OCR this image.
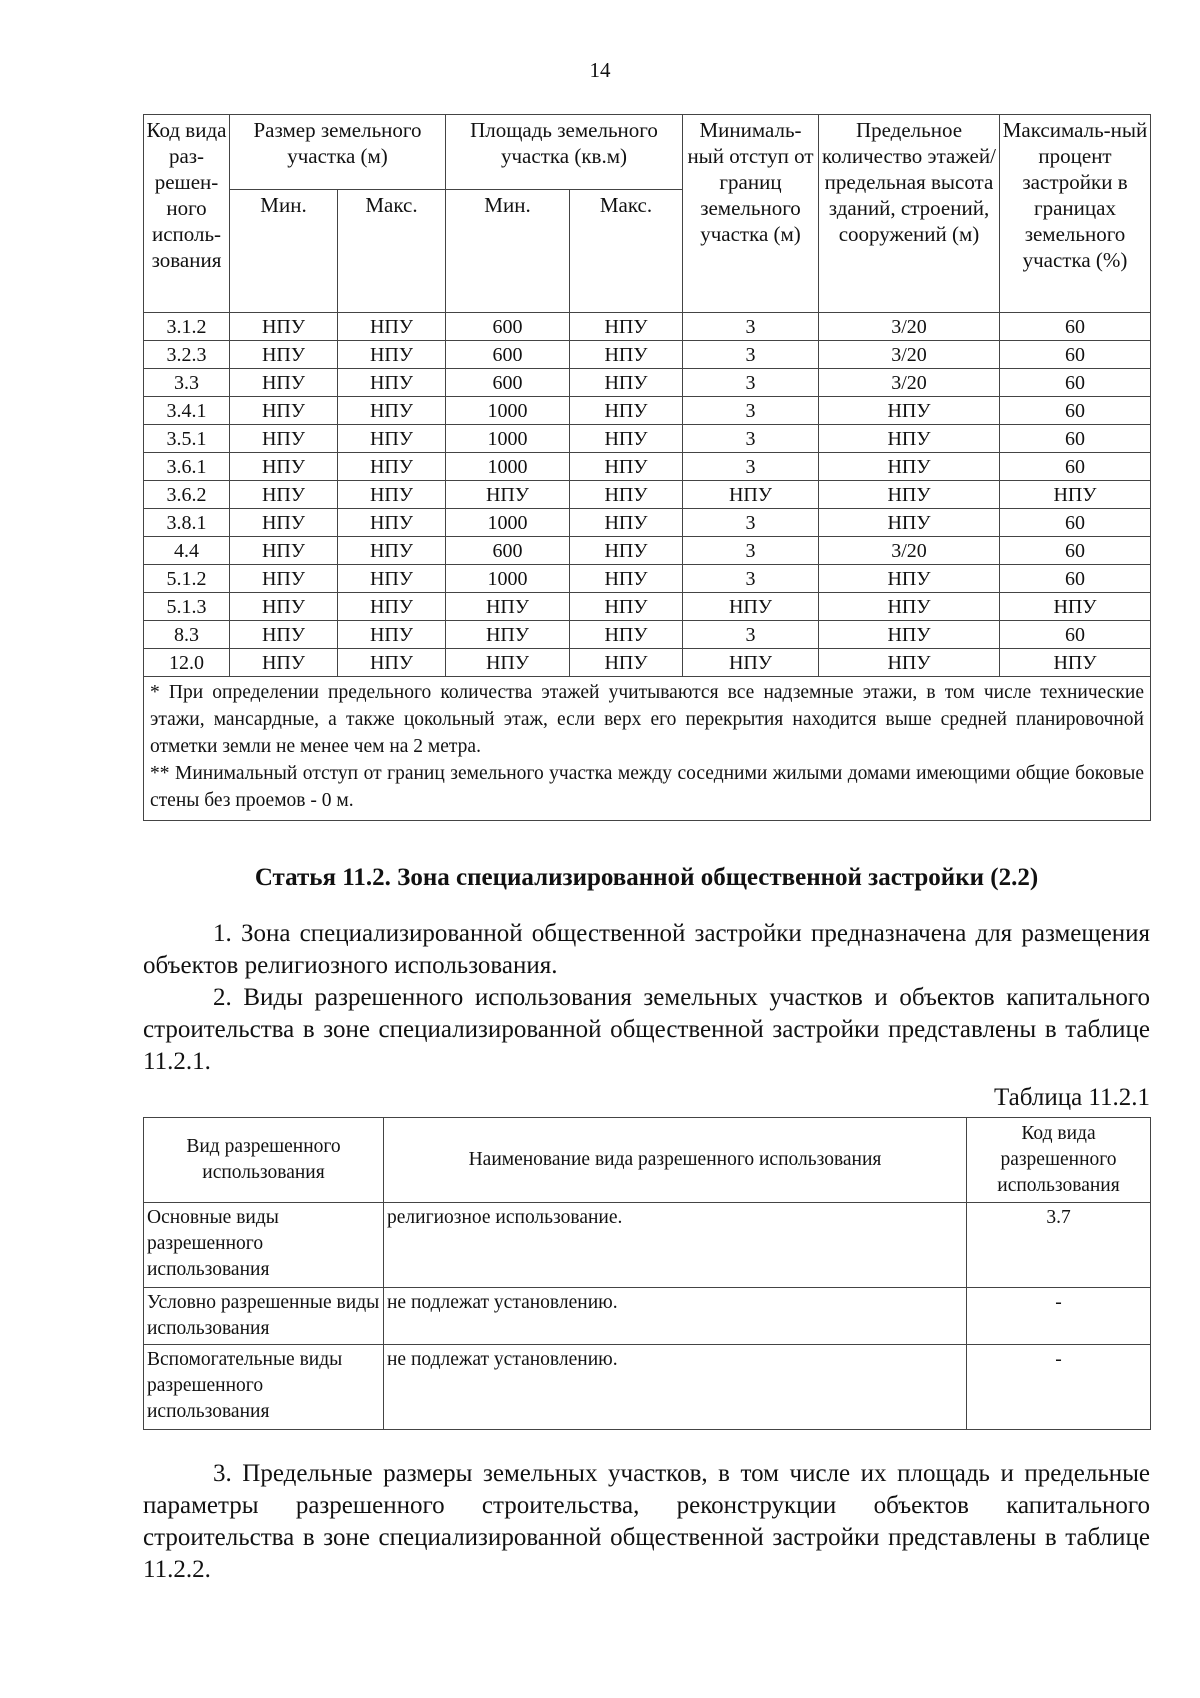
14
Код вида раз-решен-ного исполь-зования	Размер земельного участка (м)		Площадь земельного участка (кв.м)		Минималь-ный отступ от границ земельного участка (м)	Предельное количество этажей/ предельная высота зданий, строений, сооружений (м)	Максималь-ный процент застройки в границах земельного участка (%)
	Мин.	Макс.	Мин.	Макс.			
3.1.2	НПУ	НПУ	600	НПУ	3	3/20	60
3.2.3	НПУ	НПУ	600	НПУ	3	3/20	60
3.3	НПУ	НПУ	600	НПУ	3	3/20	60
3.4.1	НПУ	НПУ	1000	НПУ	3	НПУ	60
3.5.1	НПУ	НПУ	1000	НПУ	3	НПУ	60
3.6.1	НПУ	НПУ	1000	НПУ	3	НПУ	60
3.6.2	НПУ	НПУ	НПУ	НПУ	НПУ	НПУ	НПУ
3.8.1	НПУ	НПУ	1000	НПУ	3	НПУ	60
4.4	НПУ	НПУ	600	НПУ	3	3/20	60
5.1.2	НПУ	НПУ	1000	НПУ	3	НПУ	60
5.1.3	НПУ	НПУ	НПУ	НПУ	НПУ	НПУ	НПУ
8.3	НПУ	НПУ	НПУ	НПУ	3	НПУ	60
12.0	НПУ	НПУ	НПУ	НПУ	НПУ	НПУ	НПУ

* При определении предельного количества этажей учитываются все надземные этажи, в том числе технические этажи, мансардные, а также цокольный этаж, если верх его перекрытия находится выше средней планировочной отметки земли не менее чем на 2 метра.

** Минимальный отступ от границ земельного участка между соседними жилыми домами имеющими общие боковые стены без проемов - 0 м.							

Статья 11.2. Зона специализированной общественной застройки (2.2)

1. Зона специализированной общественной застройки предназначена для размещения объектов религиозного использования.

2. Виды разрешенного использования земельных участков и объектов капитального строительства в зоне специализированной общественной застройки представлены в таблице 11.2.1.

Таблица 11.2.1
Вид разрешенного использования	Наименование вида разрешенного использования	Код вида разрешенного использования
Основные виды разрешенного использования	религиозное использование.	3.7
Условно разрешенные виды использования	не подлежат установлению.	-
Вспомогательные виды разрешенного использования	не подлежат установлению.	-

3. Предельные размеры земельных участков, в том числе их площадь и предельные параметры разрешенного строительства, реконструкции объектов капитального строительства в зоне специализированной общественной застройки представлены в таблице 11.2.2.
